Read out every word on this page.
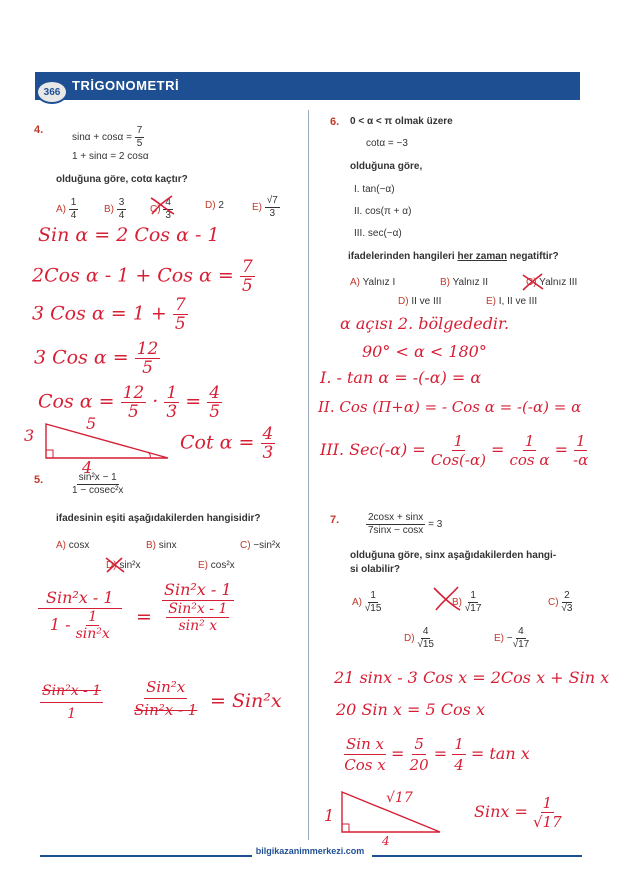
366 TRİGONOMETRİ
4.
$\sin\alpha + \cos\alpha = \frac{7}{5}$
1 + sinα = 2 cosα
olduğuna göre, cotα kaçtır?
$A) \frac{1}{4}$	$B) \frac{3}{4} C) \frac{4}{3}$	D) 2	$E) \frac{√7}{3}$
Sin α = 2 Cos α - 1
2Cos α - 1 + Cos $\alpha = \frac{7}{5}$
3 Cos $\alpha = 1 + \frac{7}{5}$
3 Cos $\alpha = \frac{12}{5}$
Cos $\alpha = \frac{12}{5} \cdot \frac{1}{3} = \frac{4}{5}$
3
5
4
Cot $\alpha = \frac{4}{3}$
5.	$\frac{\text{sin²x − 1}}{\text{1 − cosec²x}}$
ifadesinin eşiti aşağıdakilerden hangisidir?
A) cosx	B) sinx	C) −sin²x
D) sin²x	E) cos²x
$\frac{\text{Sin²x - 1}}{1 - \frac{1}{\text{sin²x}}} = \frac{\text{Sin²x - 1}}{\frac{\text{Sin²x - 1}}{\text{sin² x}}}$
$\frac{\text{Sin²x - 1}}{1} \frac{\text{Sin²x}}{\text{Sin²x - 1}} = Sin^2x$
6. 0 < α < π olmak üzere
cotα = −3
olduğuna göre,
I. tan(−α)
II. cos(π + α)
III. sec(−α)
ifadelerinden hangileri her zaman negatiftir?
A) Yalnız I	B) Yalnız II	C) Yalnız III
D) II ve III	E) I, II ve III
α açısı 2. bölgededir.
90° < α < 180°
I. - tan α = -(-α) = α
II. Cos (Π+α) = - Cos α = -(-α) = α
III. $Sec(-\alpha) = \frac{1}{\text{Cos(-α)}} = \frac{1}{\text{cos α}} = \frac{1}{-\alpha}$
7.	$\frac{2\cos x + \sin x}{7\sin x - \cos x} = 3$
olduğuna göre, sinx aşağıdakilerden hangi-
si olabilir?
$A) \frac{1}{√15}$	$B) \frac{1}{√17}$	$C) \frac{2}{√3}$
$D) \frac{4}{√15}$	$E) - \frac{4}{√17}$
21 sinx - 3 Cos x = 2Cos x + Sin x
20 Sin x = 5 Cos x
$\frac{\text{Sin x}}{\text{Cos x}} = \frac{5}{20} = \frac{1}{4} = \tan x$
1
√17
4
Sinx = $\frac{1}{√17}$
bilgikazanimmerkezi.com
